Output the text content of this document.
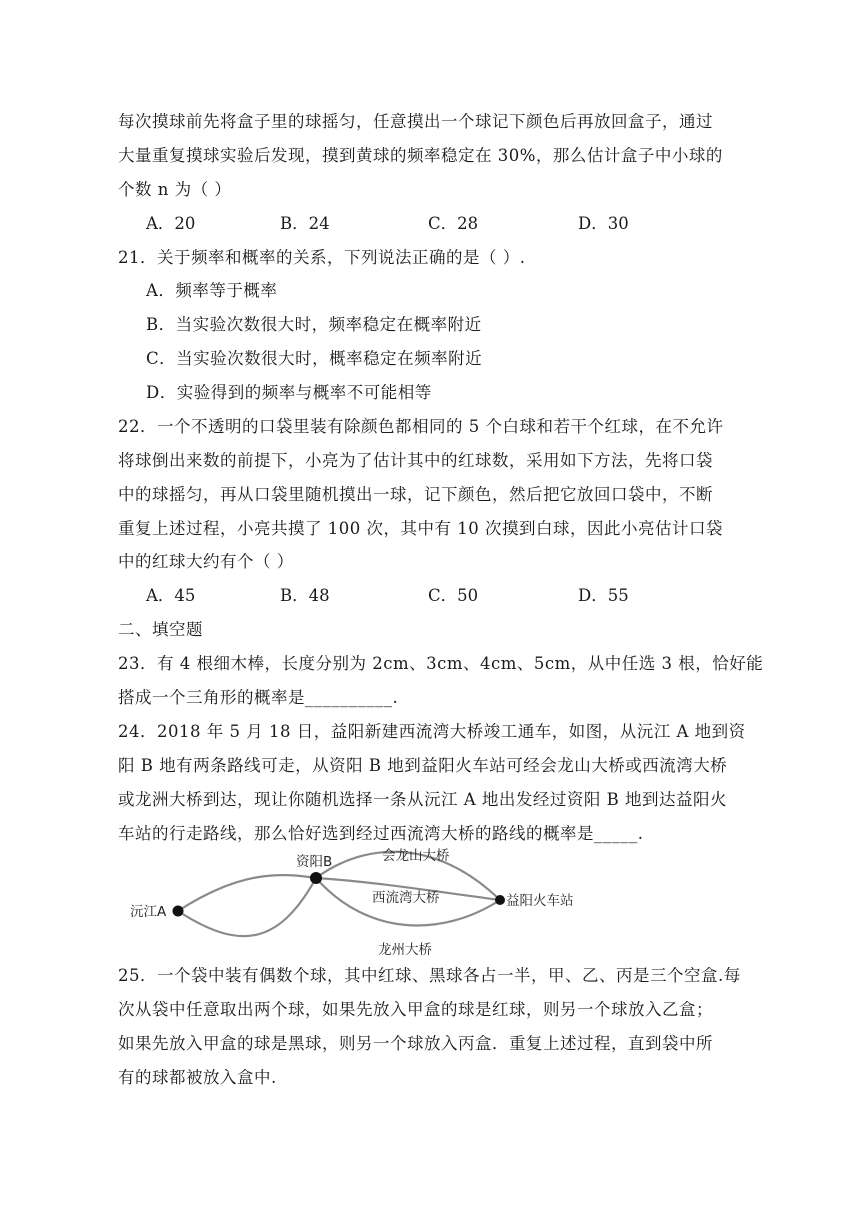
每次摸球前先将盒子里的球摇匀，任意摸出一个球记下颜色后再放回盒子，通过
大量重复摸球实验后发现，摸到黄球的频率稳定在 30%，那么估计盒子中小球的
个数 n 为（ ）
A．20	B．24	C．28	D．30
21．关于频率和概率的关系，下列说法正确的是（ ）.
A．频率等于概率
B．当实验次数很大时，频率稳定在概率附近
C．当实验次数很大时，概率稳定在频率附近
D．实验得到的频率与概率不可能相等
22．一个不透明的口袋里装有除颜色都相同的 5 个白球和若干个红球，在不允许
将球倒出来数的前提下，小亮为了估计其中的红球数，采用如下方法，先将口袋
中的球摇匀，再从口袋里随机摸出一球，记下颜色，然后把它放回口袋中，不断
重复上述过程，小亮共摸了 100 次，其中有 10 次摸到白球，因此小亮估计口袋
中的红球大约有个（ ）
A．45	B．48	C．50	D．55
二、填空题
23．有 4 根细木棒，长度分别为 2cm、3cm、4cm、5cm，从中任选 3 根，恰好能
搭成一个三角形的概率是__________.
24．2018 年 5 月 18 日，益阳新建西流湾大桥竣工通车，如图，从沅江 A 地到资
阳 B 地有两条路线可走，从资阳 B 地到益阳火车站可经会龙山大桥或西流湾大桥
或龙洲大桥到达，现让你随机选择一条从沅江 A 地出发经过资阳 B 地到达益阳火
车站的行走路线，那么恰好选到经过西流湾大桥的路线的概率是_____.
沅江A
资阳B
益阳火车站
会龙山大桥
西流湾大桥
龙州大桥
25．一个袋中装有偶数个球，其中红球、黑球各占一半，甲、乙、丙是三个空盒.每
次从袋中任意取出两个球，如果先放入甲盒的球是红球，则另一个球放入乙盒；
如果先放入甲盒的球是黑球，则另一个球放入丙盒．重复上述过程，直到袋中所
有的球都被放入盒中.
